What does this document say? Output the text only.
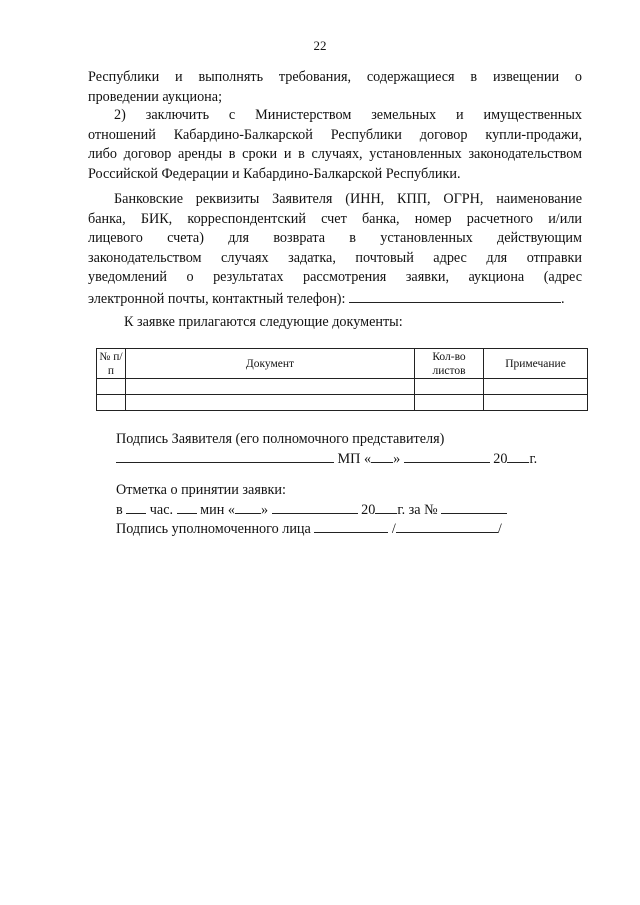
22
Республики и выполнять требования, содержащиеся в извещении о
проведении аукциона;
2) заключить с Министерством земельных и имущественных
отношений Кабардино-Балкарской Республики договор купли-продажи,
либо договор аренды в сроки и в случаях, установленных законодательством
Российской Федерации и Кабардино-Балкарской Республики.
Банковские реквизиты Заявителя (ИНН, КПП, ОГРН, наименование
банка, БИК, корреспондентский счет банка, номер расчетного и/или
лицевого счета) для возврата в установленных действующим
законодательством случаях задатка, почтовый адрес для отправки
уведомлений о результатах рассмотрения заявки, аукциона (адрес
электронной почты, контактный телефон):	.
К заявке прилагаются следующие документы:
№ п/п	Документ	Кол-во листов	Примечание

Подпись Заявителя (его полномочного представителя)
МП « »	20 г.
Отметка о принятии заявки:
в час. мин « »	20 г. за №
Подпись уполномоченного лица	/	/
